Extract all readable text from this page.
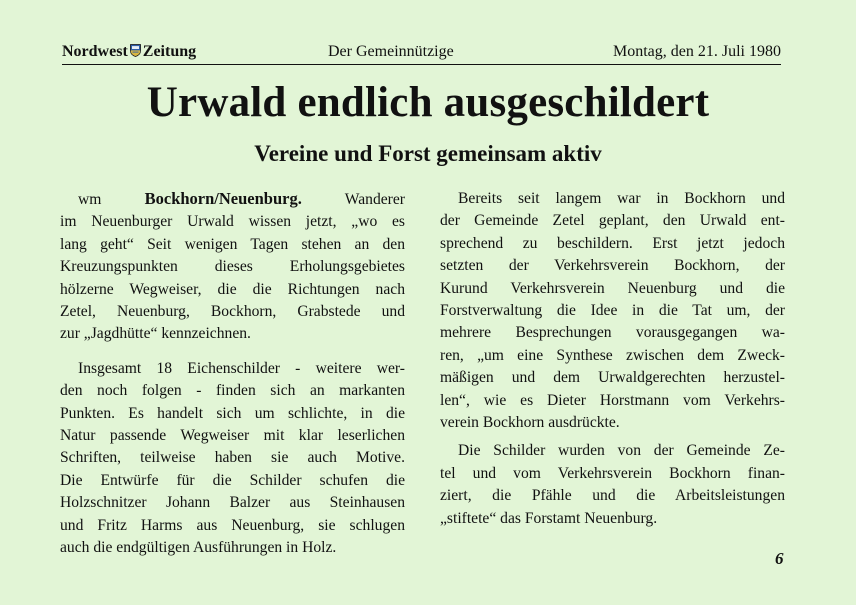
Nordwest Zeitung	Der Gemeinnützige	Montag, den 21. Juli 1980
Urwald endlich ausgeschildert
Vereine und Forst gemeinsam aktiv
wm	Bockhorn/Neuenburg.	Wanderer
im Neuenburger Urwald wissen jetzt, „wo es
lang geht“ Seit wenigen Tagen stehen an den
Kreuzungspunkten dieses Erholungsgebietes
hölzerne Wegweiser, die die Richtungen nach
Zetel, Neuenburg, Bockhorn, Grabstede und
zur „Jagdhütte“ kennzeichnen.
Insgesamt 18 Eichenschilder - weitere wer-
den noch folgen - finden sich an markanten
Punkten. Es handelt sich um schlichte, in die
Natur passende Wegweiser mit klar leserlichen
Schriften, teilweise haben sie auch Motive.
Die Entwürfe für die Schilder schufen die
Holzschnitzer Johann Balzer aus Steinhausen
und Fritz Harms aus Neuenburg, sie schlugen
auch die endgültigen Ausführungen in Holz.
Bereits seit langem war in Bockhorn und
der Gemeinde Zetel geplant, den Urwald ent-
sprechend zu beschildern. Erst jetzt jedoch
setzten der Verkehrsverein Bockhorn, der
Kurund Verkehrsverein Neuenburg und die
Forstverwaltung die Idee in die Tat um, der
mehrere Besprechungen vorausgegangen wa-
ren, „um eine Synthese zwischen dem Zweck-
mäßigen und dem Urwaldgerechten herzustel-
len“, wie es Dieter Horstmann vom Verkehrs-
verein Bockhorn ausdrückte.
Die Schilder wurden von der Gemeinde Ze-
tel und vom Verkehrsverein Bockhorn finan-
ziert, die Pfähle und die Arbeitsleistungen
„stiftete“ das Forstamt Neuenburg.
6
